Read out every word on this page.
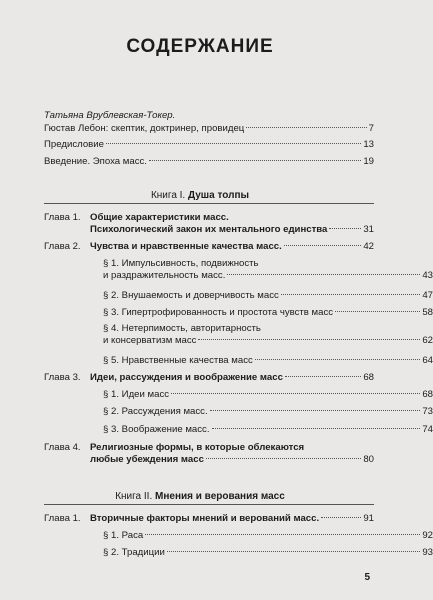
СОДЕРЖАНИЕ
Татьяна Врублевская-Токер.
Гюстав Лебон: скептик, доктринер, провидец	7
Предисловие	13
Введение. Эпоха масс.	19
Книга I. Душа толпы
Глава 1. Общие характеристики масс.
Психологический закон их ментального единства	31
Глава 2. Чувства и нравственные качества масс.	42
§ 1. Импульсивность, подвижность
и раздражительность масс.	43
§ 2. Внушаемость и доверчивость масс	47
§ 3. Гипертрофированность и простота чувств масс	58
§ 4. Нетерпимость, авторитарность
и консерватизм масс	62
§ 5. Нравственные качества масс	64
Глава 3. Идеи, рассуждения и воображение масс	68
§ 1. Идеи масс	68
§ 2. Рассуждения масс.	73
§ 3. Воображение масс.	74
Глава 4. Религиозные формы, в которые облекаются
любые убеждения масс	80
Книга II. Мнения и верования масс
Глава 1. Вторичные факторы мнений и верований масс.	91
§ 1. Раса	92
§ 2. Традиции	93
5
